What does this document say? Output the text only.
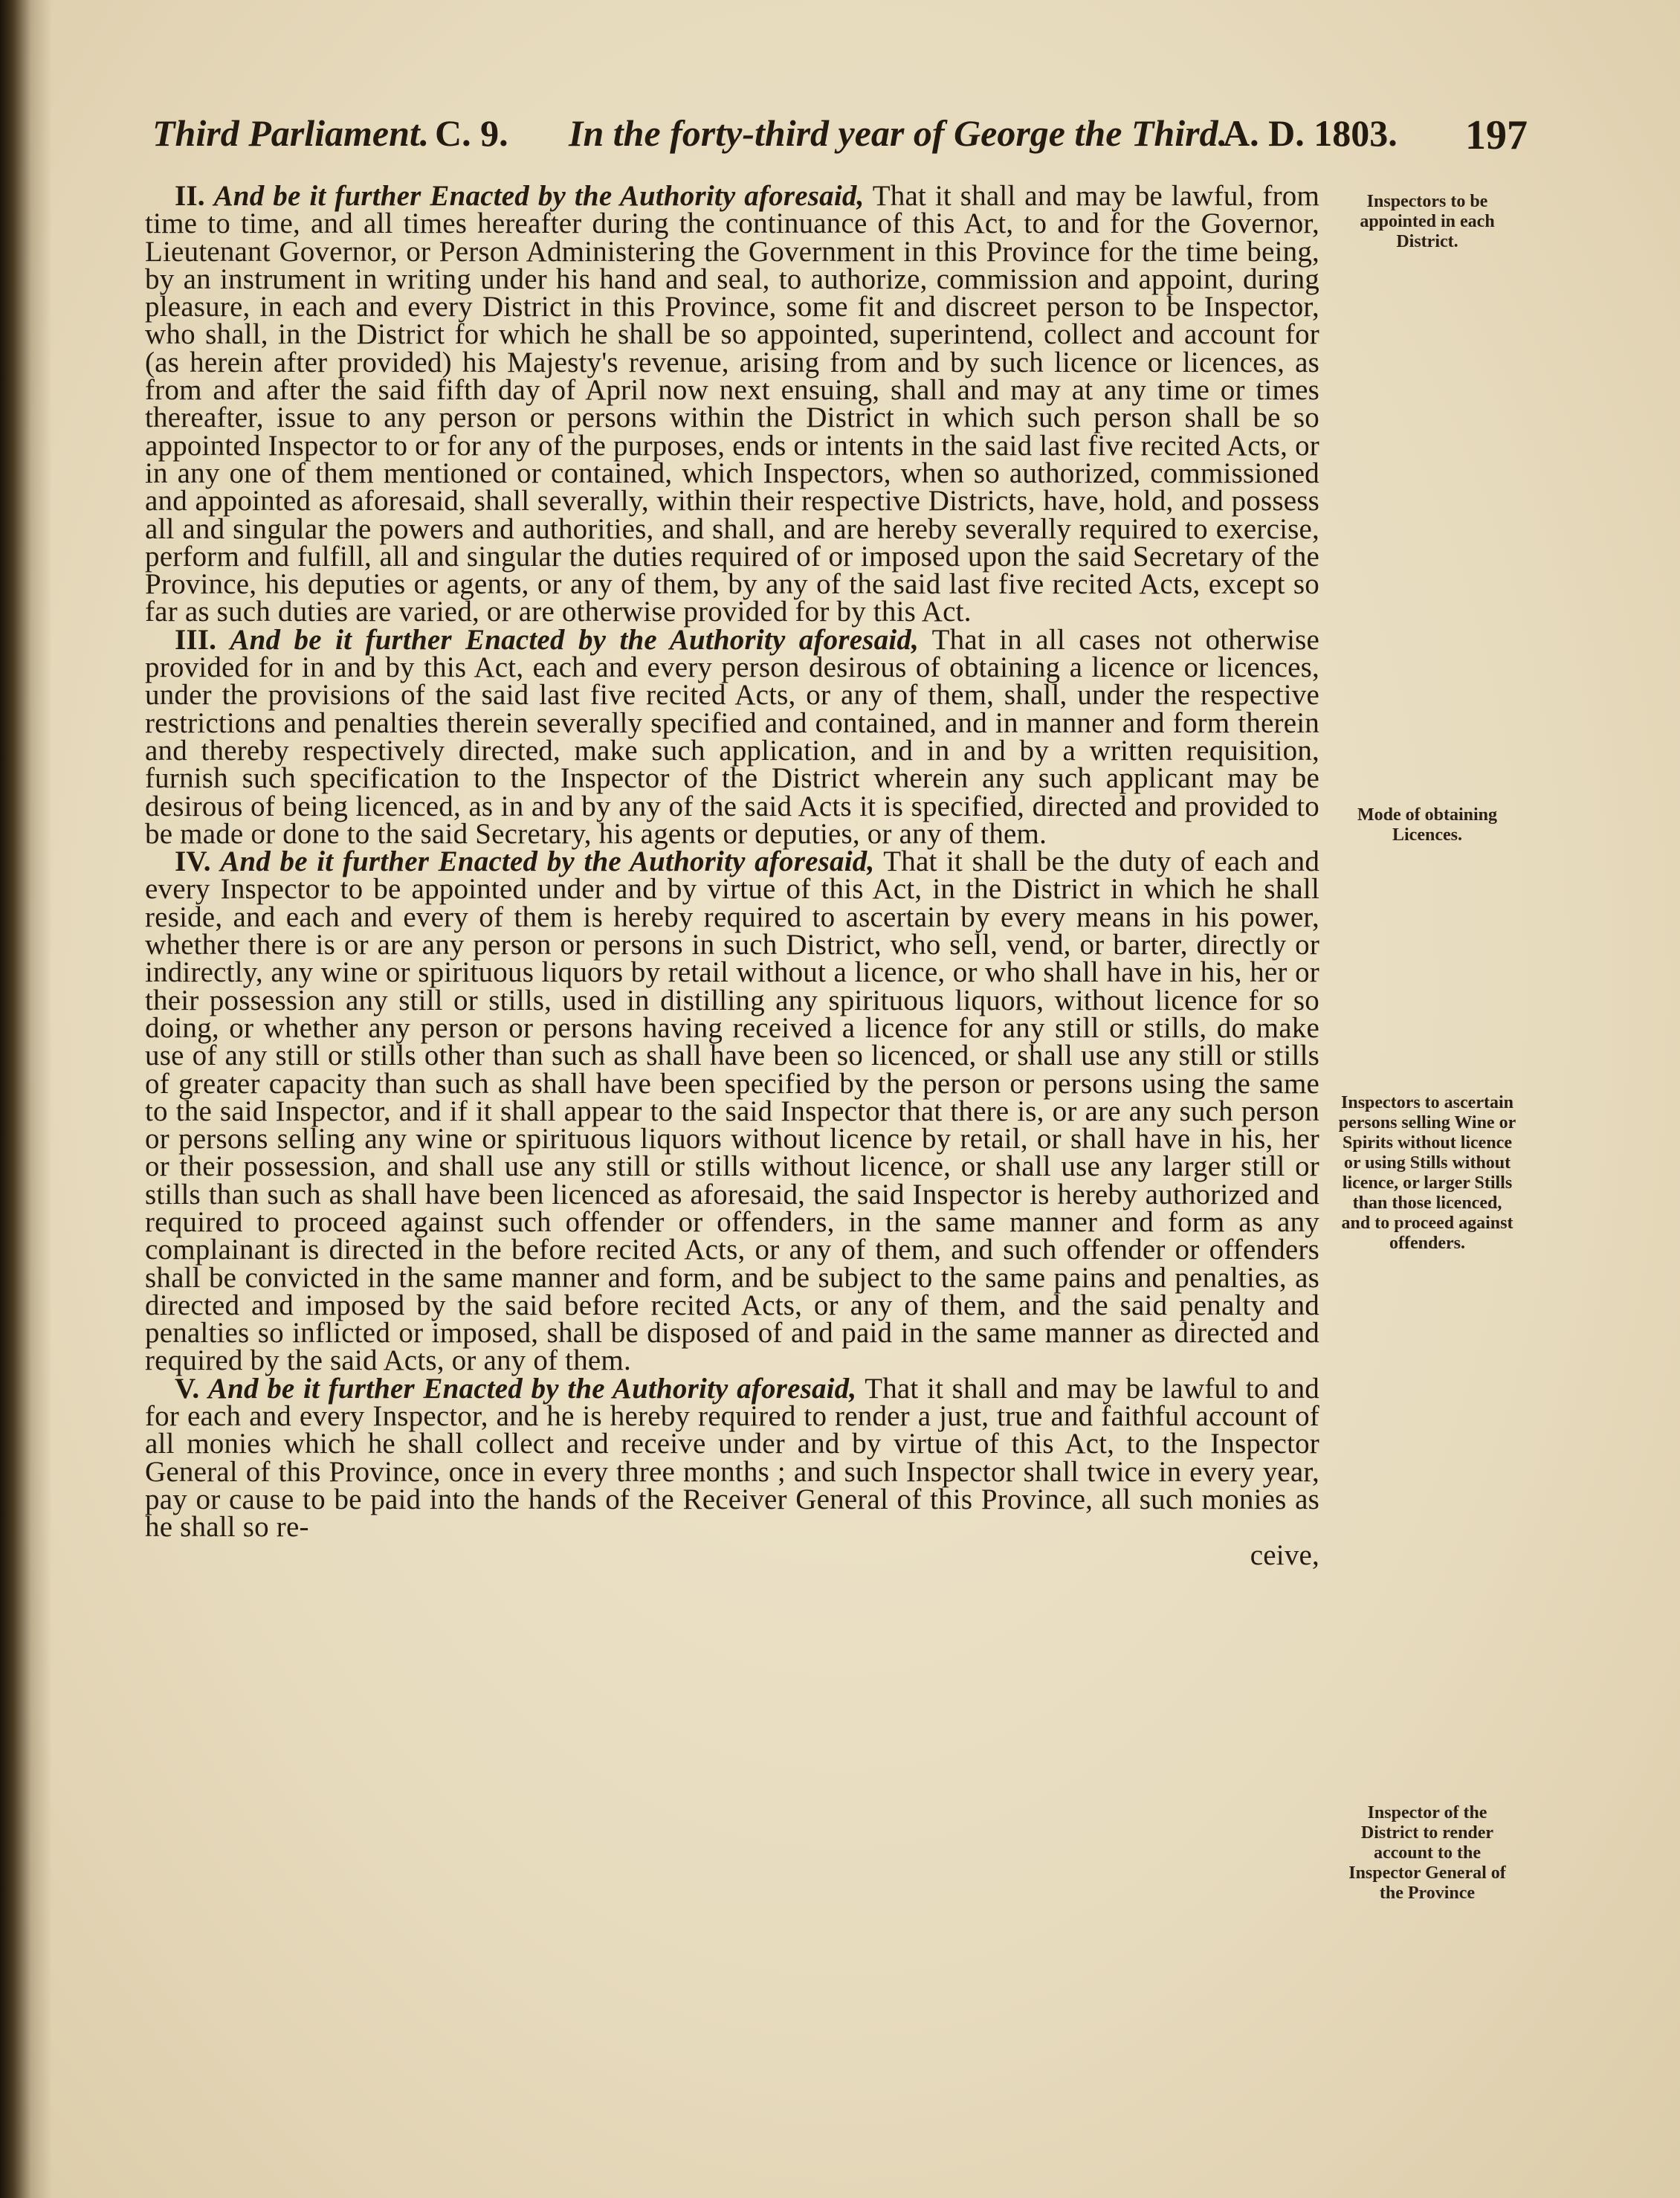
Third Parliament. C. 9. In the forty-third year of George the Third.
A. D. 1803. 197

II. And be it further Enacted by the Authority aforesaid, That it shall and may be lawful, from time to time, and all times hereafter during the continuance of this Act, to and for the Governor, Lieutenant Governor, or Person Administering the Government in this Province for the time being, by an instrument in writing under his hand and seal, to authorize, commission and appoint, during pleasure, in each and every District in this Province, some fit and discreet person to be Inspector, who shall, in the District for which he shall be so appointed, superintend, collect and account for (as herein after provided) his Majesty's revenue, arising from and by such licence or licences, as from and after the said fifth day of April now next ensuing, shall and may at any time or times thereafter, issue to any person or persons within the District in which such person shall be so appointed Inspector to or for any of the purposes, ends or intents in the said last five recited Acts, or in any one of them mentioned or contained, which Inspectors, when so authorized, commissioned and appointed as aforesaid, shall severally, within their respective Districts, have, hold, and possess all and singular the powers and authorities, and shall, and are hereby severally required to exercise, perform and fulfill, all and singular the duties required of or imposed upon the said Secretary of the Province, his deputies or agents, or any of them, by any of the said last five recited Acts, except so far as such duties are varied, or are otherwise provided for by this Act.

III. And be it further Enacted by the Authority aforesaid, That in all cases not otherwise provided for in and by this Act, each and every person desirous of obtaining a licence or licences, under the provisions of the said last five recited Acts, or any of them, shall, under the respective restrictions and penalties therein severally specified and contained, and in manner and form therein and thereby respectively directed, make such application, and in and by a written requisition, furnish such specification to the Inspector of the District wherein any such applicant may be desirous of being licenced, as in and by any of the said Acts it is specified, directed and provided to be made or done to the said Secretary, his agents or deputies, or any of them.

IV. And be it further Enacted by the Authority aforesaid, That it shall be the duty of each and every Inspector to be appointed under and by virtue of this Act, in the District in which he shall reside, and each and every of them is hereby required to ascertain by every means in his power, whether there is or are any person or persons in such District, who sell, vend, or barter, directly or indirectly, any wine or spirituous liquors by retail without a licence, or who shall have in his, her or their possession any still or stills, used in distilling any spirituous liquors, without licence for so doing, or whether any person or persons having received a licence for any still or stills, do make use of any still or stills other than such as shall have been so licenced, or shall use any still or stills of greater capacity than such as shall have been specified by the person or persons using the same to the said Inspector, and if it shall appear to the said Inspector that there is, or are any such person or persons selling any wine or spirituous liquors without licence by retail, or shall have in his, her or their possession, and shall use any still or stills without licence, or shall use any larger still or stills than such as shall have been licenced as aforesaid, the said Inspector is hereby authorized and required to proceed against such offender or offenders, in the same manner and form as any complainant is directed in the before recited Acts, or any of them, and such offender or offenders shall be convicted in the same manner and form, and be subject to the same pains and penalties, as directed and imposed by the said before recited Acts, or any of them, and the said penalty and penalties so inflicted or imposed, shall be disposed of and paid in the same manner as directed and required by the said Acts, or any of them.

V. And be it further Enacted by the Authority aforesaid, That it shall and may be lawful to and for each and every Inspector, and he is hereby required to render a just, true and faithful account of all monies which he shall collect and receive under and by virtue of this Act, to the Inspector General of this Province, once in every three months ; and such Inspector shall twice in every year, pay or cause to be paid into the hands of the Receiver General of this Province, all such monies as he shall so re-
ceive,

Inspectors to be appointed in each District.
Mode of obtaining Licences.
Inspectors to ascertain persons selling Wine or Spirits without licence or using Stills without licence, or larger Stills than those licenced, and to proceed against offenders.
Inspector of the District to render account to the Inspector General of the Province
